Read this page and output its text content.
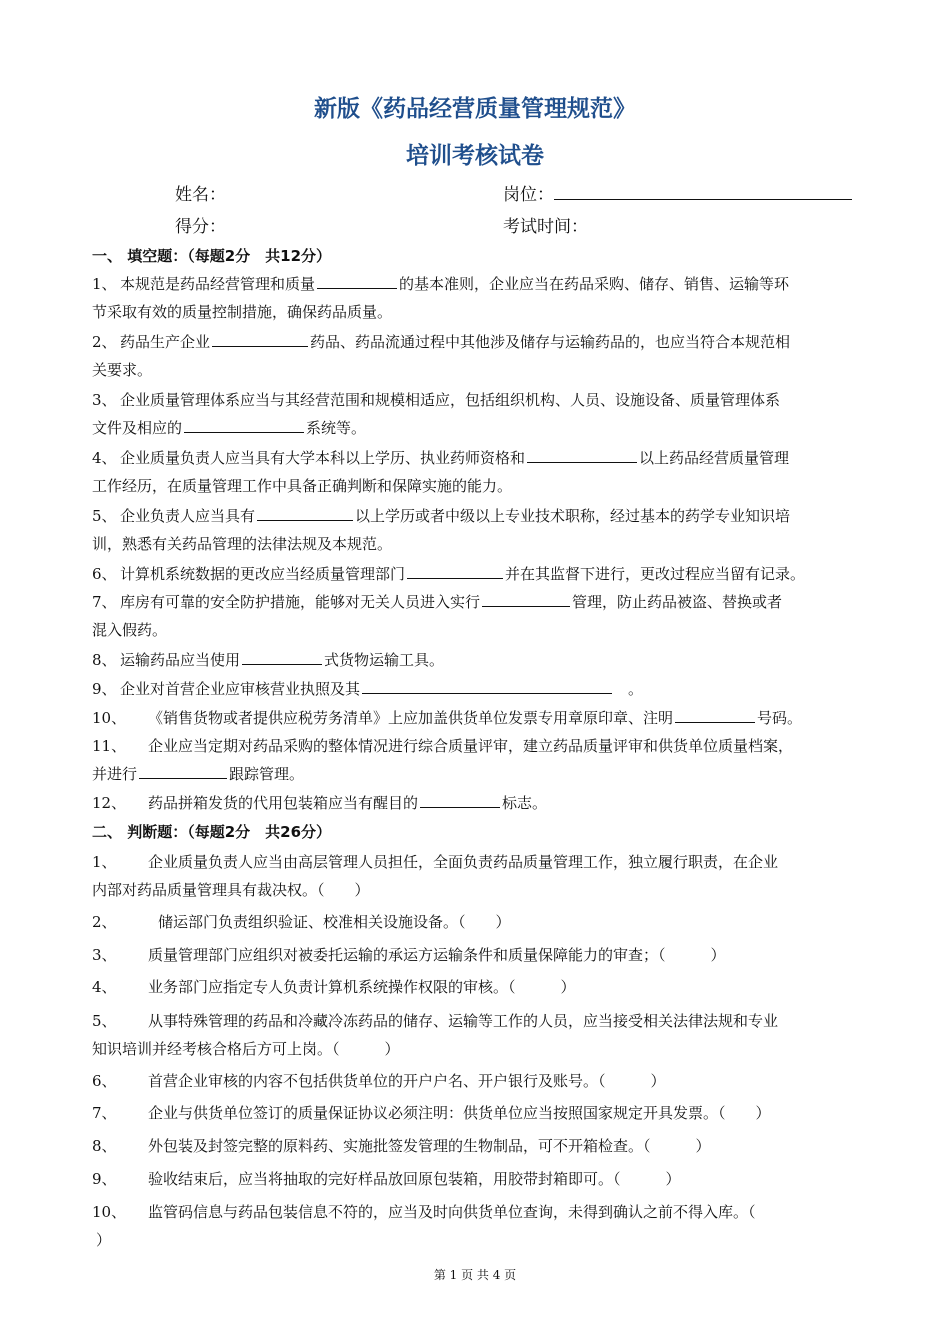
新版《药品经营质量管理规范》
培训考核试卷
姓名：	岗位：
得分：	考试时间：
一、 填空题：（每题2分　共12分）
1、 本规范是药品经营管理和质量	的基本准则，企业应当在药品采购、储存、销售、运输等环
节采取有效的质量控制措施，确保药品质量。
2、 药品生产企业	药品、药品流通过程中其他涉及储存与运输药品的，也应当符合本规范相
关要求。
3、 企业质量管理体系应当与其经营范围和规模相适应，包括组织机构、人员、设施设备、质量管理体系
文件及相应的	系统等。
4、 企业质量负责人应当具有大学本科以上学历、执业药师资格和	以上药品经营质量管理
工作经历，在质量管理工作中具备正确判断和保障实施的能力。
5、 企业负责人应当具有	以上学历或者中级以上专业技术职称，经过基本的药学专业知识培
训，熟悉有关药品管理的法律法规及本规范。
6、 计算机系统数据的更改应当经质量管理部门	并在其监督下进行，更改过程应当留有记录。
7、 库房有可靠的安全防护措施，能够对无关人员进入实行	管理，防止药品被盗、替换或者
混入假药。
8、 运输药品应当使用	式货物运输工具。
9、 企业对首营企业应审核营业执照及其	。
10、 《销售货物或者提供应税劳务清单》上应加盖供货单位发票专用章原印章、注明	号码。
11、 企业应当定期对药品采购的整体情况进行综合质量评审，建立药品质量评审和供货单位质量档案，
并进行	跟踪管理。
12、 药品拼箱发货的代用包装箱应当有醒目的	标志。
二、 判断题：（每题2分　共26分）
1、 企业质量负责人应当由高层管理人员担任，全面负责药品质量管理工作，独立履行职责，在企业
内部对药品质量管理具有裁决权。（　　）
2、	储运部门负责组织验证、校准相关设施设备。（　　）
3、 质量管理部门应组织对被委托运输的承运方运输条件和质量保障能力的审查；（　　　）
4、 业务部门应指定专人负责计算机系统操作权限的审核。（　　　）
5、 从事特殊管理的药品和冷藏冷冻药品的储存、运输等工作的人员，应当接受相关法律法规和专业
知识培训并经考核合格后方可上岗。（　　　）
6、 首营企业审核的内容不包括供货单位的开户户名、开户银行及账号。（　　　）
7、 企业与供货单位签订的质量保证协议必须注明：供货单位应当按照国家规定开具发票。（　　）
8、 外包装及封签完整的原料药、实施批签发管理的生物制品，可不开箱检查。（　　　）
9、 验收结束后，应当将抽取的完好样品放回原包装箱，用胶带封箱即可。（　　　）
10、 监管码信息与药品包装信息不符的，应当及时向供货单位查询，未得到确认之前不得入库。（
）
第 1 页 共 4 页
